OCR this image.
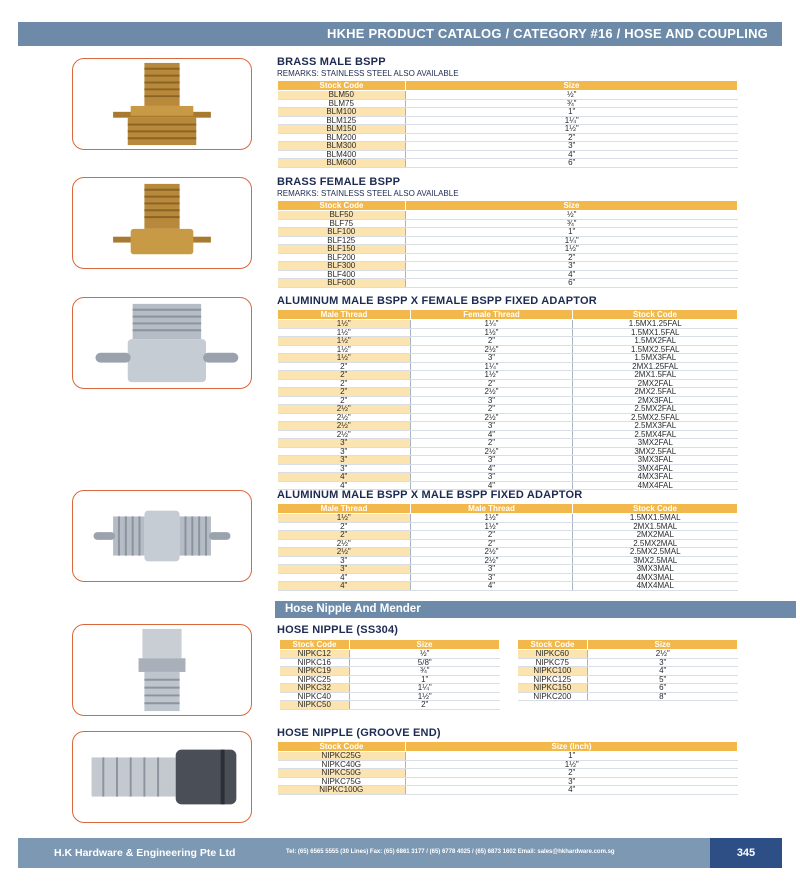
HKHE PRODUCT CATALOG / CATEGORY #16 / HOSE AND COUPLING
BRASS MALE BSPP
REMARKS: STAINLESS STEEL ALSO AVAILABLE
Stock Code	Size
BLM50	½"
BLM75	¾"
BLM100	1"
BLM125	1¼"
BLM150	1½"
BLM200	2"
BLM300	3"
BLM400	4"
BLM600	6"
BRASS FEMALE BSPP
REMARKS: STAINLESS STEEL ALSO AVAILABLE
Stock Code	Size
BLF50	½"
BLF75	¾"
BLF100	1"
BLF125	1¼"
BLF150	1½"
BLF200	2"
BLF300	3"
BLF400	4"
BLF600	6"
ALUMINUM MALE BSPP X FEMALE BSPP FIXED ADAPTOR
Male Thread	Female Thread	Stock Code
1½"	1¼"	1.5MX1.25FAL
1½"	1½"	1.5MX1.5FAL
1½"	2"	1.5MX2FAL
1½"	2½"	1.5MX2.5FAL
1½"	3"	1.5MX3FAL
2"	1¼"	2MX1.25FAL
2"	1½"	2MX1.5FAL
2"	2"	2MX2FAL
2"	2½"	2MX2.5FAL
2"	3"	2MX3FAL
2½"	2"	2.5MX2FAL
2½"	2½"	2.5MX2.5FAL
2½"	3"	2.5MX3FAL
2½"	4"	2.5MX4FAL
3"	2"	3MX2FAL
3"	2½"	3MX2.5FAL
3"	3"	3MX3FAL
3"	4"	3MX4FAL
4"	3"	4MX3FAL
4"	4"	4MX4FAL
ALUMINUM MALE BSPP X MALE BSPP FIXED ADAPTOR
Male Thread	Male Thread	Stock Code
1½"	1½"	1.5MX1.5MAL
2"	1½"	2MX1.5MAL
2"	2"	2MX2MAL
2½"	2"	2.5MX2MAL
2½"	2½"	2.5MX2.5MAL
3"	2½"	3MX2.5MAL
3"	3"	3MX3MAL
4"	3"	4MX3MAL
4"	4"	4MX4MAL
Hose Nipple And Mender
HOSE NIPPLE (SS304)
Stock Code	Size
NIPKC12	½"
NIPKC16	5/8"
NIPKC19	¾"
NIPKC25	1"
NIPKC32	1¼"
NIPKC40	1½"
NIPKC50	2"
Stock Code	Size
NIPKC60	2½"
NIPKC75	3"
NIPKC100	4"
NIPKC125	5"
NIPKC150	6"
NIPKC200	8"
HOSE NIPPLE (GROOVE END)
Stock Code	Size (Inch)
NIPKC25G	1"
NIPKC40G	1½"
NIPKC50G	2"
NIPKC75G	3"
NIPKC100G	4"
H.K Hardware & Engineering Pte Ltd	Tel: (65) 6565 5555 (30 Lines) Fax: (65) 6861 3177 / (65) 6778 4025 / (65) 6873 1602 Email: sales@hkhardware.com.sg	345
